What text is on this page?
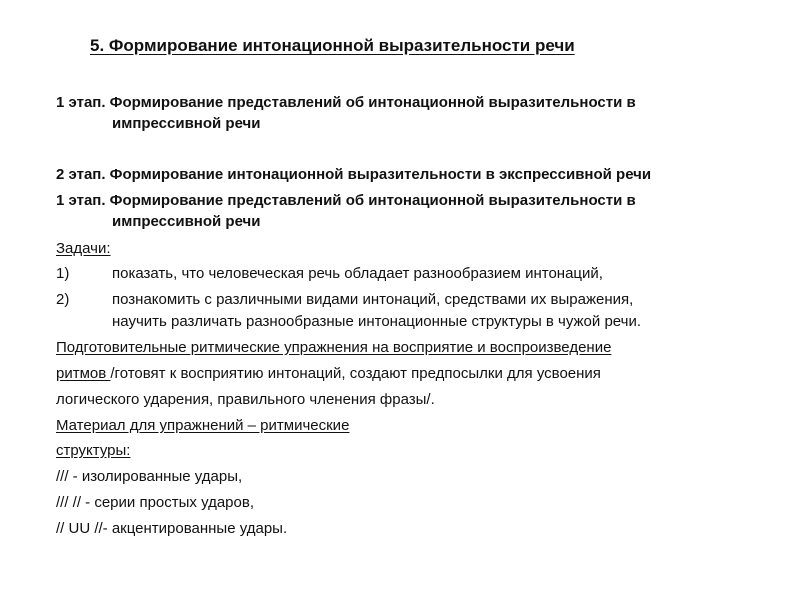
5. Формирование интонационной выразительности речи
1 этап. Формирование представлений об интонационной выразительности в
импрессивной речи
2 этап. Формирование интонационной выразительности в экспрессивной речи
1 этап. Формирование представлений об интонационной выразительности в
импрессивной речи
Задачи:
1)	показать, что человеческая речь обладает разнообразием интонаций,
2)	познакомить с различными видами интонаций, средствами их выражения,
научить различать разнообразные интонационные структуры в чужой речи.
Подготовительные ритмические упражнения на восприятие и воспроизведение
ритмов /готовят к восприятию интонаций, создают предпосылки для усвоения
логического ударения, правильного членения фразы/.
Материал для упражнений – ритмические
структуры:
/// - изолированные удары,
/// // - серии простых ударов,
// UU //- акцентированные удары.
